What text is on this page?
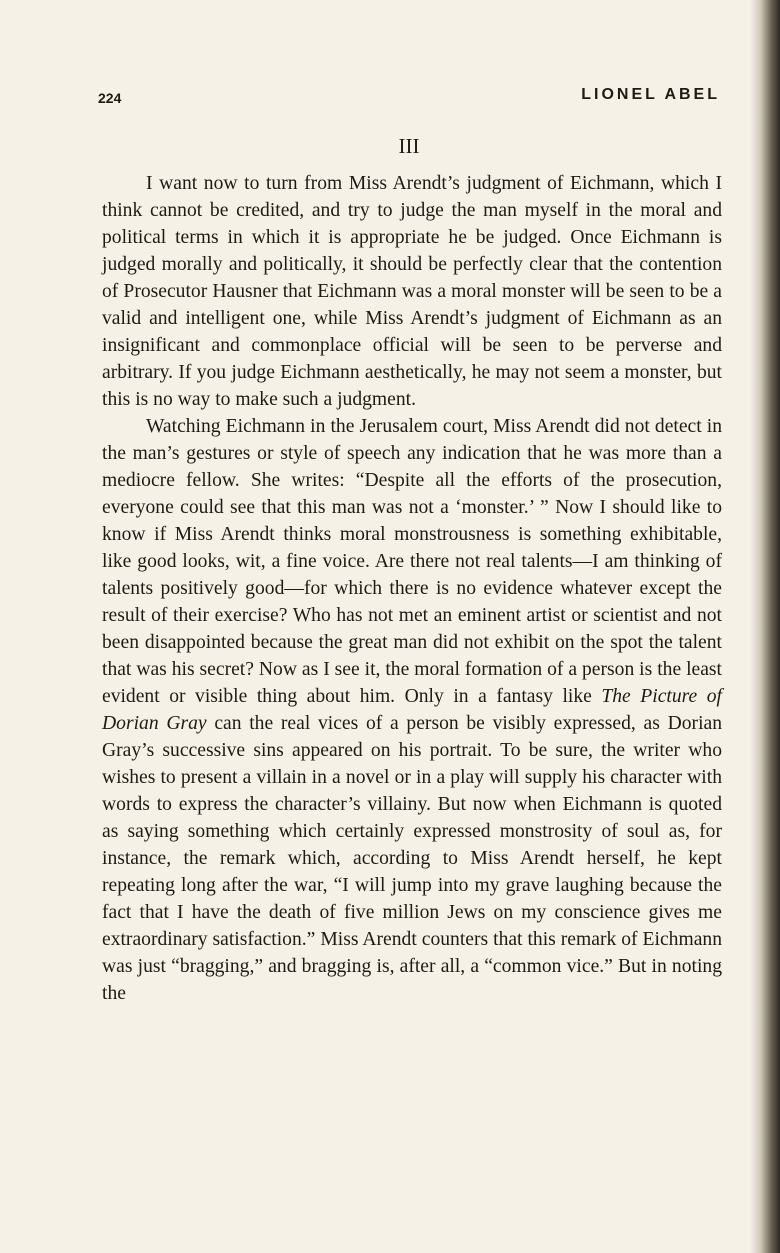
224	LIONEL ABEL
III

I want now to turn from Miss Arendt’s judgment of Eichmann, which I think cannot be credited, and try to judge the man myself in the moral and political terms in which it is appropriate he be judged. Once Eichmann is judged morally and politically, it should be perfectly clear that the contention of Prosecutor Hausner that Eichmann was a moral monster will be seen to be a valid and intelligent one, while Miss Arendt’s judgment of Eichmann as an insignificant and commonplace official will be seen to be perverse and arbitrary. If you judge Eichmann aesthetically, he may not seem a monster, but this is no way to make such a judgment.

Watching Eichmann in the Jerusalem court, Miss Arendt did not detect in the man’s gestures or style of speech any indication that he was more than a mediocre fellow. She writes: “Despite all the efforts of the prosecution, everyone could see that this man was not a ‘monster.’ ” Now I should like to know if Miss Arendt thinks moral monstrousness is something exhibitable, like good looks, wit, a fine voice. Are there not real talents—I am thinking of talents positively good—for which there is no evidence whatever except the result of their exercise? Who has not met an eminent artist or scientist and not been disappointed because the great man did not exhibit on the spot the talent that was his secret? Now as I see it, the moral formation of a person is the least evident or visible thing about him. Only in a fantasy like The Picture of Dorian Gray can the real vices of a person be visibly expressed, as Dorian Gray’s successive sins appeared on his portrait. To be sure, the writer who wishes to present a villain in a novel or in a play will supply his character with words to express the character’s villainy. But now when Eichmann is quoted as saying something which certainly expressed monstrosity of soul as, for instance, the remark which, according to Miss Arendt herself, he kept repeating long after the war, “I will jump into my grave laughing because the fact that I have the death of five million Jews on my conscience gives me extraordinary satisfaction.” Miss Arendt counters that this remark of Eichmann was just “bragging,” and bragging is, after all, a “common vice.” But in noting the
